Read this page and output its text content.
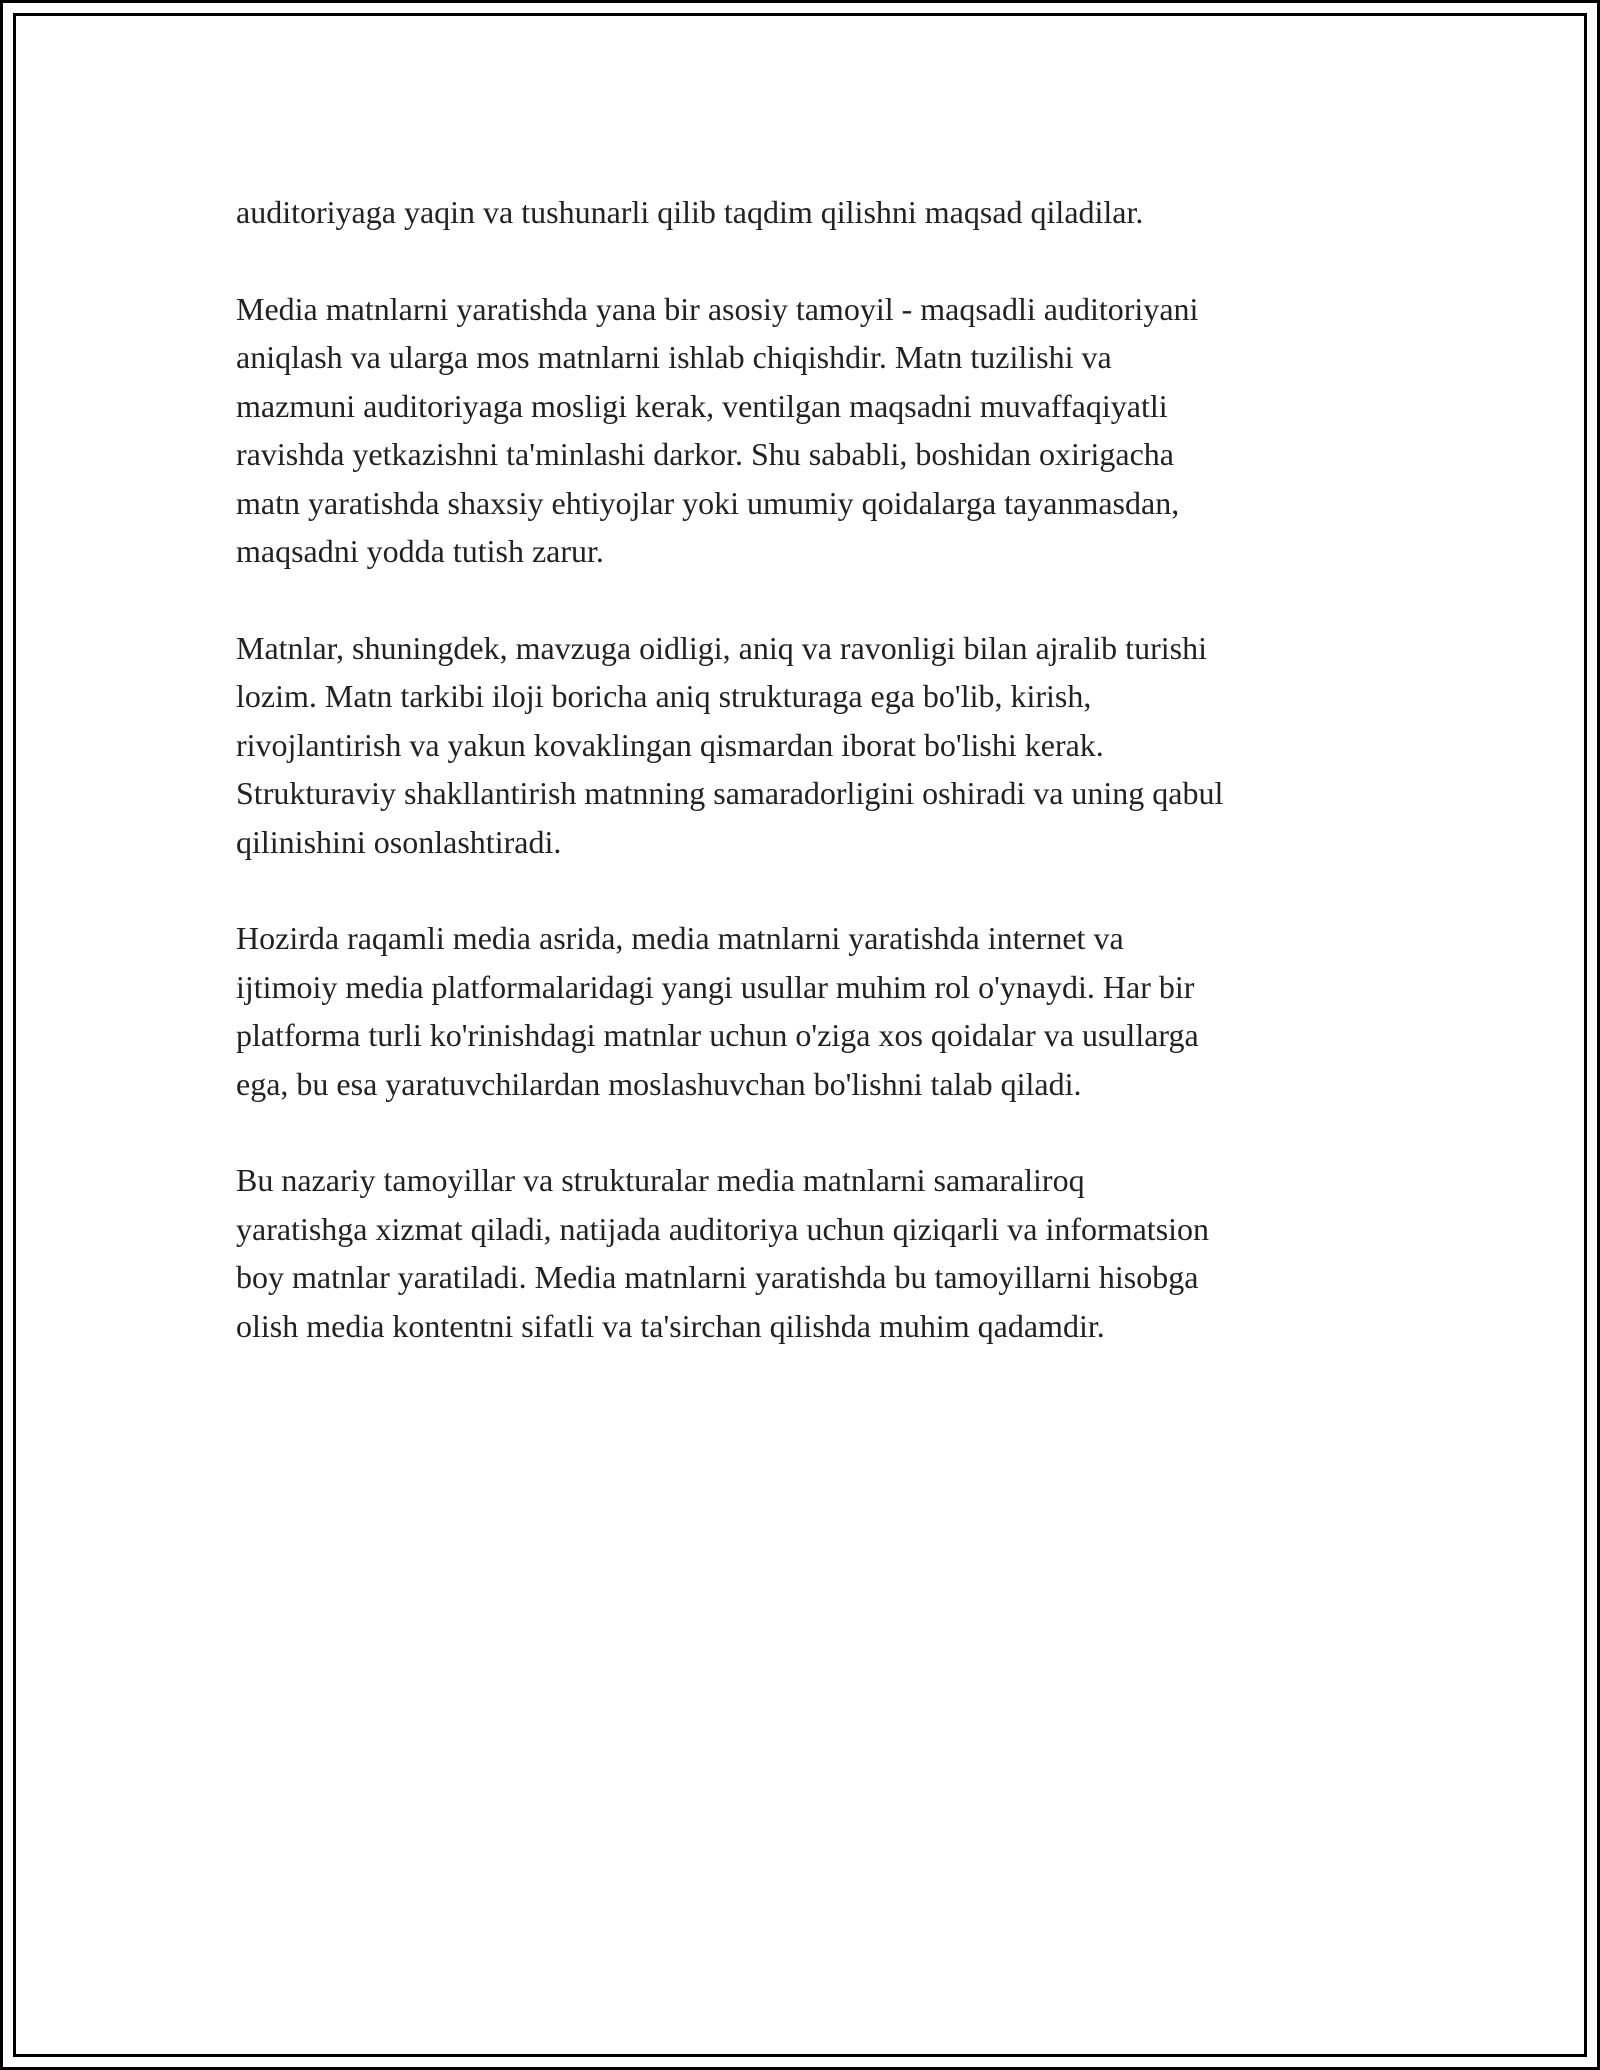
auditoriyaga yaqin va tushunarli qilib taqdim qilishni maqsad qiladilar.

Media matnlarni yaratishda yana bir asosiy tamoyil - maqsadli auditoriyani
aniqlash va ularga mos matnlarni ishlab chiqishdir. Matn tuzilishi va
mazmuni auditoriyaga mosligi kerak, ventilgan maqsadni muvaffaqiyatli
ravishda yetkazishni ta'minlashi darkor. Shu sababli, boshidan oxirigacha
matn yaratishda shaxsiy ehtiyojlar yoki umumiy qoidalarga tayanmasdan,
maqsadni yodda tutish zarur.

Matnlar, shuningdek, mavzuga oidligi, aniq va ravonligi bilan ajralib turishi
lozim. Matn tarkibi iloji boricha aniq strukturaga ega bo'lib, kirish,
rivojlantirish va yakun kovaklingan qismardan iborat bo'lishi kerak.
Strukturaviy shakllantirish matnning samaradorligini oshiradi va uning qabul
qilinishini osonlashtiradi.

Hozirda raqamli media asrida, media matnlarni yaratishda internet va
ijtimoiy media platformalaridagi yangi usullar muhim rol o'ynaydi. Har bir
platforma turli ko'rinishdagi matnlar uchun o'ziga xos qoidalar va usullarga
ega, bu esa yaratuvchilardan moslashuvchan bo'lishni talab qiladi.

Bu nazariy tamoyillar va strukturalar media matnlarni samaraliroq
yaratishga xizmat qiladi, natijada auditoriya uchun qiziqarli va informatsion
boy matnlar yaratiladi. Media matnlarni yaratishda bu tamoyillarni hisobga
olish media kontentni sifatli va ta'sirchan qilishda muhim qadamdir.
